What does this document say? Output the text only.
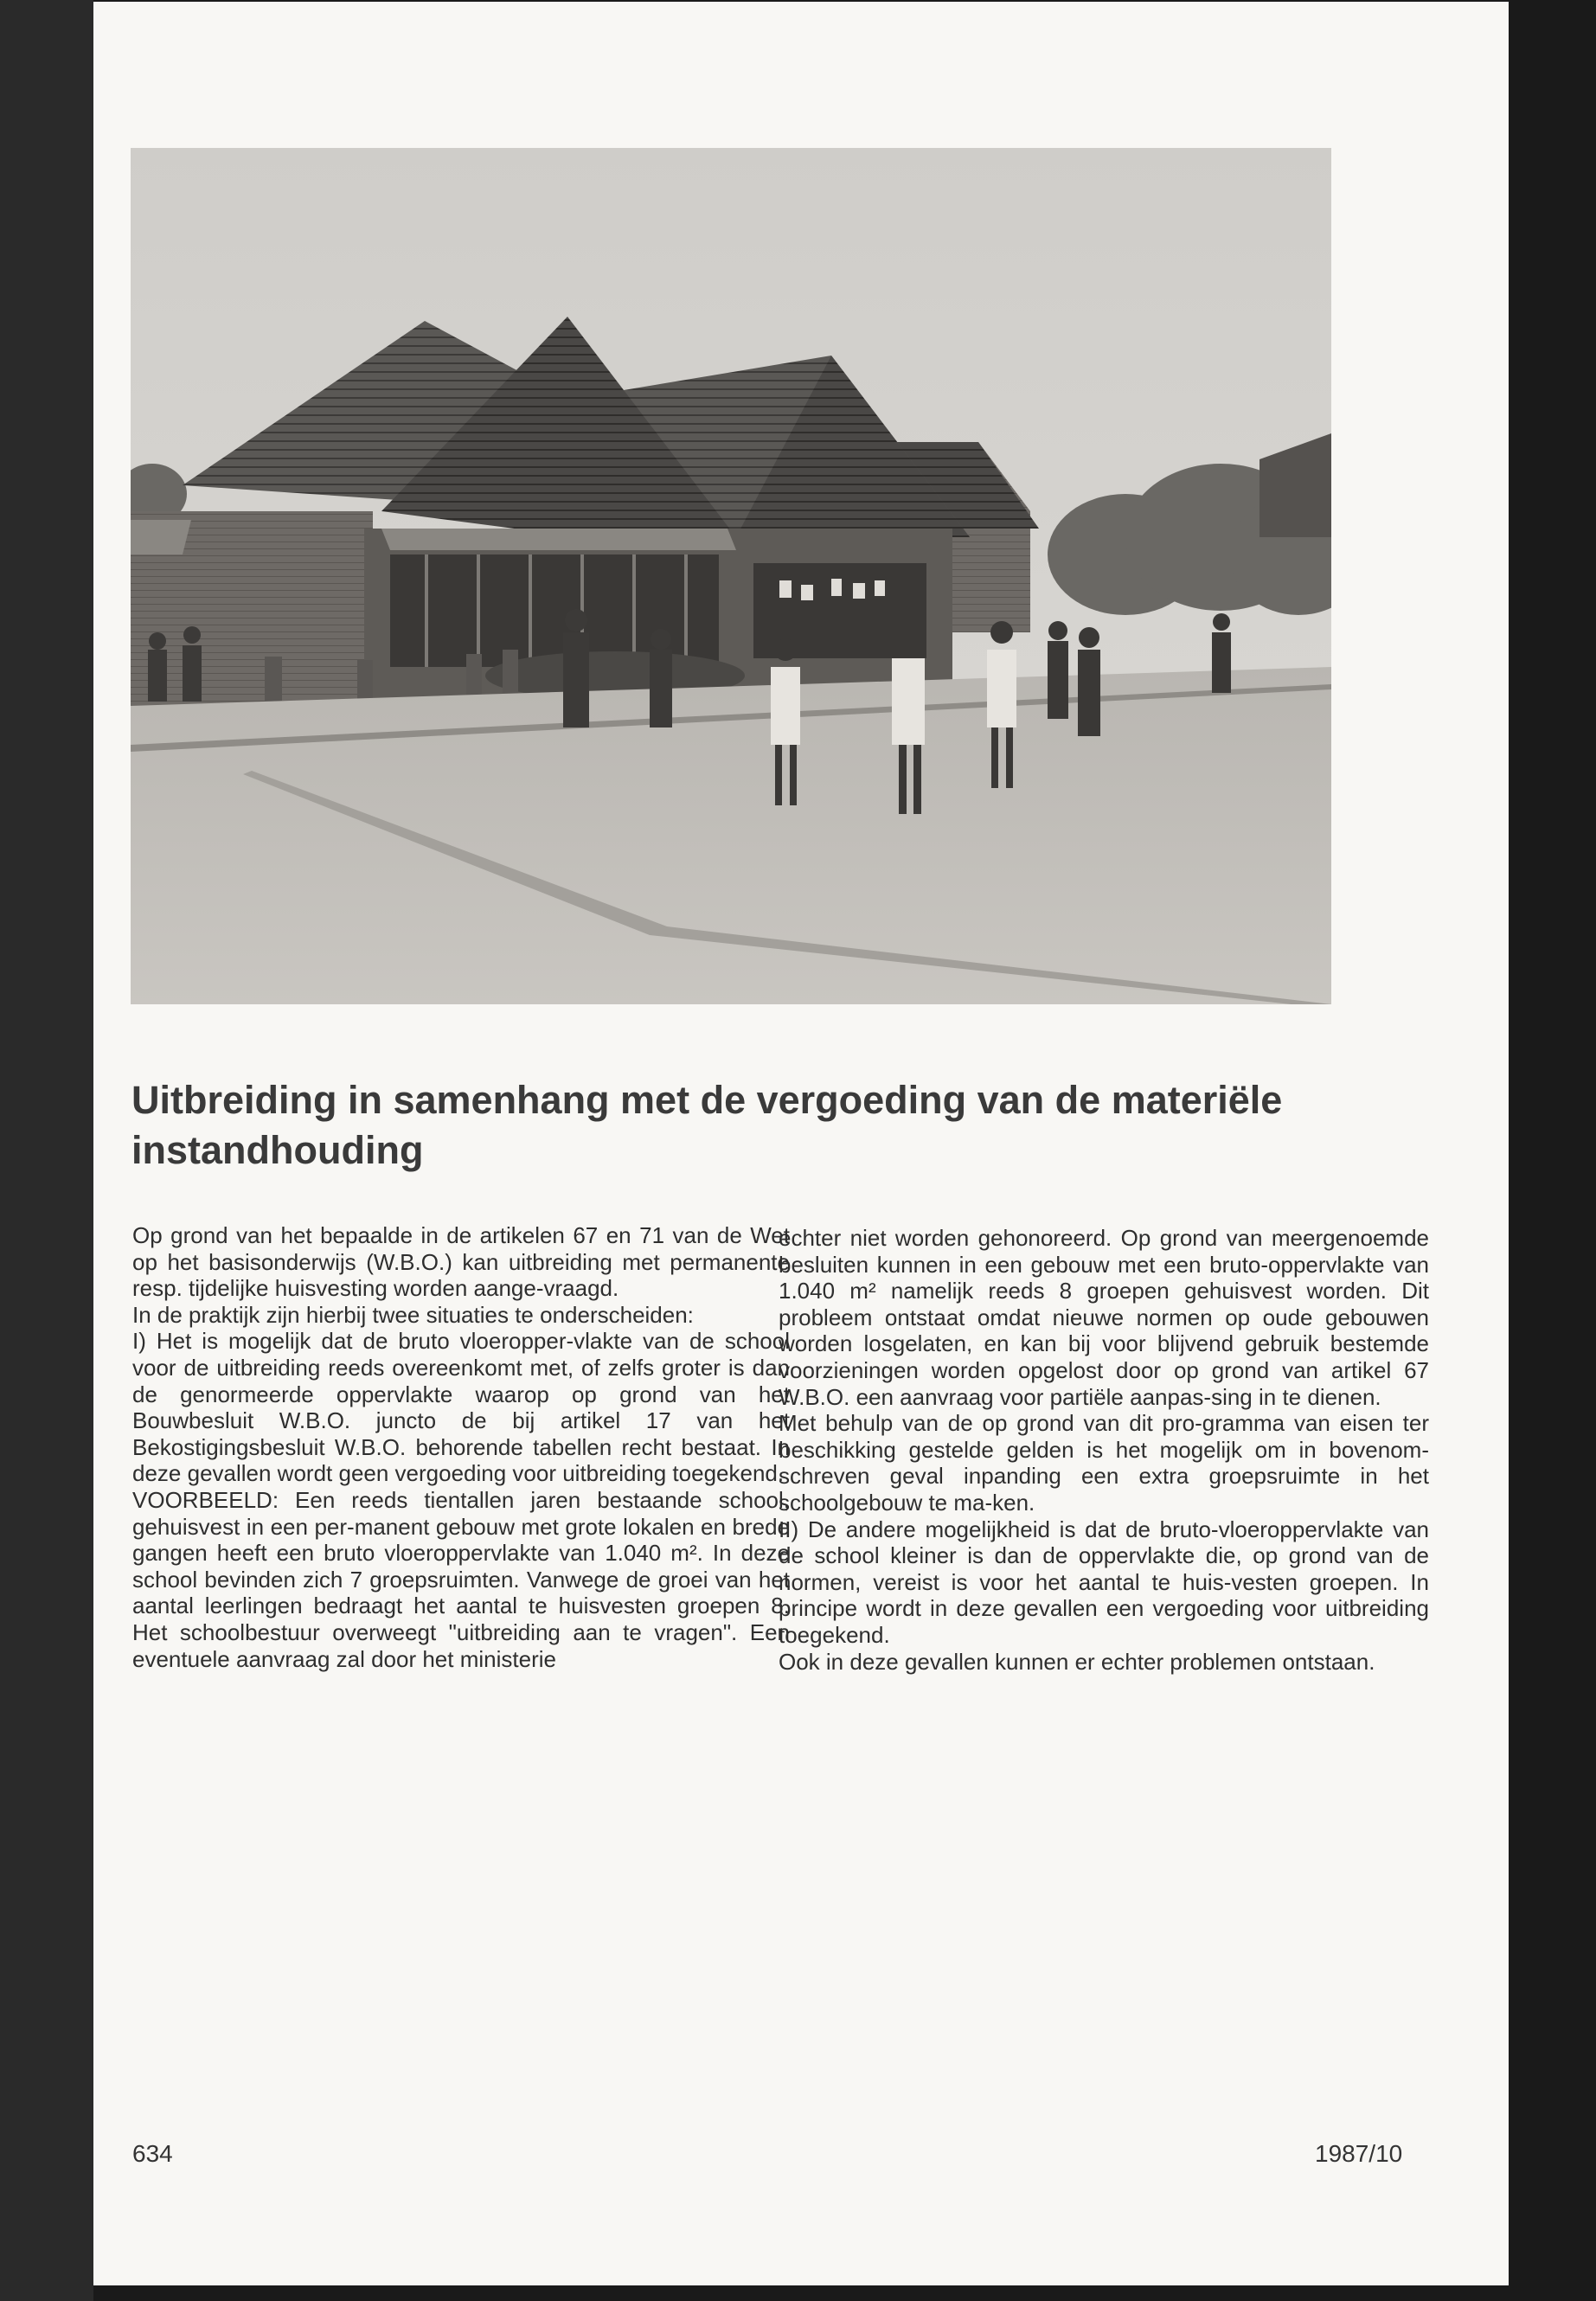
Uitbreiding in samenhang met de vergoeding van de materiële instandhouding

Op grond van het bepaalde in de artikelen 67 en 71 van de Wet op het basisonderwijs (W.B.O.) kan uitbreiding met permanente resp. tijdelijke huisvesting worden aange-vraagd.

In de praktijk zijn hierbij twee situaties te onderscheiden:

I) Het is mogelijk dat de bruto vloeropper-vlakte van de school voor de uitbreiding reeds overeenkomt met, of zelfs groter is dan de genormeerde oppervlakte waarop op grond van het Bouwbesluit W.B.O. juncto de bij artikel 17 van het Bekostigingsbesluit W.B.O. behorende tabellen recht bestaat. In deze gevallen wordt geen vergoeding voor uitbreiding toegekend.

VOORBEELD: Een reeds tientallen jaren bestaande school, gehuisvest in een per-manent gebouw met grote lokalen en brede gangen heeft een bruto vloeroppervlakte van 1.040 m². In deze school bevinden zich 7 groepsruimten. Vanwege de groei van het aantal leerlingen bedraagt het aantal te huisvesten groepen 8. Het schoolbestuur overweegt "uitbreiding aan te vragen". Een eventuele aanvraag zal door het ministerie

echter niet worden gehonoreerd. Op grond van meergenoemde besluiten kunnen in een gebouw met een bruto-oppervlakte van 1.040 m² namelijk reeds 8 groepen gehuisvest worden. Dit probleem ontstaat omdat nieuwe normen op oude gebouwen worden losgelaten, en kan bij voor blijvend gebruik bestemde voorzieningen worden opgelost door op grond van artikel 67 W.B.O. een aanvraag voor partiële aanpas-sing in te dienen.

Met behulp van de op grond van dit pro-gramma van eisen ter beschikking gestelde gelden is het mogelijk om in bovenom-schreven geval inpanding een extra groepsruimte in het schoolgebouw te ma-ken.

II) De andere mogelijkheid is dat de bruto-vloeroppervlakte van de school kleiner is dan de oppervlakte die, op grond van de normen, vereist is voor het aantal te huis-vesten groepen. In principe wordt in deze gevallen een vergoeding voor uitbreiding toegekend.

Ook in deze gevallen kunnen er echter problemen ontstaan.

634	1987/10
